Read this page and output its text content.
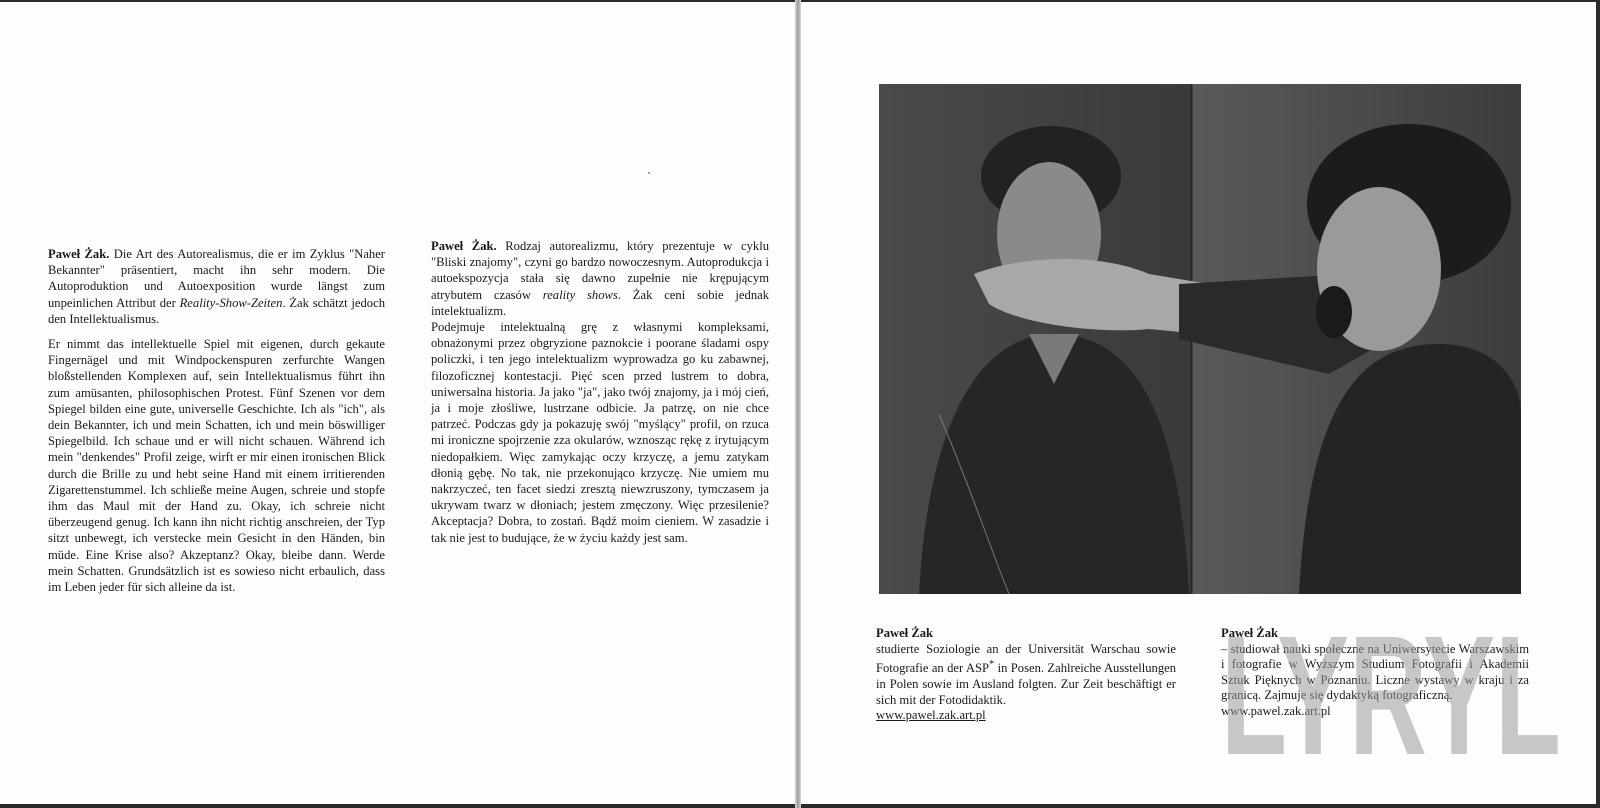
Paweł Żak. Die Art des Autorealismus, die er im Zyklus "Naher Bekannter" präsentiert, macht ihn sehr modern. Die Autoproduktion und Autoexposition wurde längst zum unpeinlichen Attribut der Reality-Show-Zeiten. Żak schätzt jedoch den Intellektualismus.

Er nimmt das intellektuelle Spiel mit eigenen, durch gekaute Fingernägel und mit Windpockenspuren zerfurchte Wangen bloßstellenden Komplexen auf, sein Intellektualismus führt ihn zum amüsanten, philosophischen Protest. Fünf Szenen vor dem Spiegel bilden eine gute, universelle Geschichte. Ich als "ich", als dein Bekannter, ich und mein Schatten, ich und mein böswilliger Spiegelbild. Ich schaue und er will nicht schauen. Während ich mein "denkendes" Profil zeige, wirft er mir einen ironischen Blick durch die Brille zu und hebt seine Hand mit einem irritierenden Zigarettenstummel. Ich schließe meine Augen, schreie und stopfe ihm das Maul mit der Hand zu. Okay, ich schreie nicht überzeugend genug. Ich kann ihn nicht richtig anschreien, der Typ sitzt unbewegt, ich verstecke mein Gesicht in den Händen, bin müde. Eine Krise also? Akzeptanz? Okay, bleibe dann. Werde mein Schatten. Grundsätzlich ist es sowieso nicht erbaulich, dass im Leben jeder für sich alleine da ist.

Paweł Żak. Rodzaj autorealizmu, który prezentuje w cyklu "Bliski znajomy", czyni go bardzo nowoczesnym. Autoprodukcja i autoekspozycja stała się dawno zupełnie nie krępującym atrybutem czasów reality shows. Żak ceni sobie jednak intelektualizm.

Podejmuje intelektualną grę z własnymi kompleksami, obnażonymi przez obgryzione paznokcie i poorane śladami ospy policzki, i ten jego intelektualizm wyprowadza go ku zabawnej, filozoficznej kontestacji. Pięć scen przed lustrem to dobra, uniwersalna historia. Ja jako "ja", jako twój znajomy, ja i mój cień, ja i moje złośliwe, lustrzane odbicie. Ja patrzę, on nie chce patrzeć. Podczas gdy ja pokazuję swój "myślący" profil, on rzuca mi ironiczne spojrzenie zza okularów, wznosząc rękę z irytującym niedopałkiem. Więc zamykając oczy krzyczę, a jemu zatykam dłonią gębę. No tak, nie przekonująco krzyczę. Nie umiem mu nakrzyczeć, ten facet siedzi zresztą niewzruszony, tymczasem ja ukrywam twarz w dłoniach; jestem zmęczony. Więc przesilenie? Akceptacja? Dobra, to zostań. Bądź moim cieniem. W zasadzie i tak nie jest to budujące, że w życiu każdy jest sam.

Paweł Żak
studierte Soziologie an der Universität Warschau sowie Fotografie an der ASP* in Posen. Zahlreiche Ausstellungen in Polen sowie im Ausland folgten. Zur Zeit beschäftigt er sich mit der Fotodidaktik.
www.pawel.zak.art.pl
Paweł Żak
– studiował nauki społeczne na Uniwersytecie Warszawskim i fotografie w Wyższym Studium Fotografii i Akademii Sztuk Pięknych w Poznaniu. Liczne wystawy w kraju i za granicą. Zajmuje się dydaktyką fotograficzną.
www.pawel.zak.art.pl
LYRYL
